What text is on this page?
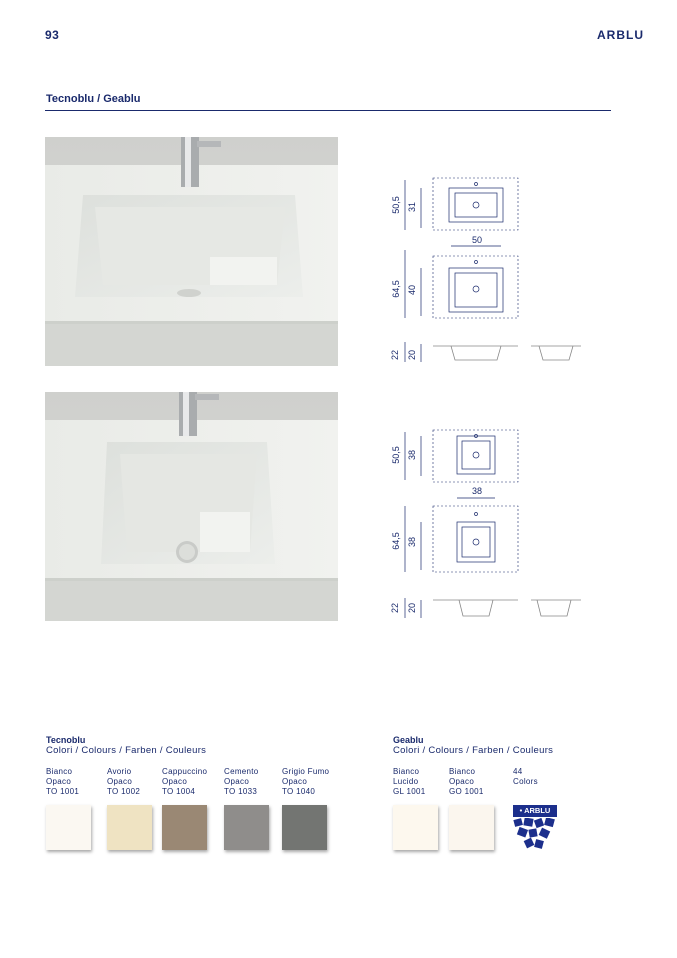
93	ARBLU
Tecnoblu / Geablu
50,5 31
50
64,5 40
22 20
50,5 38
38
64,5 38
22 20
Tecnoblu
Colori / Colours / Farben / Couleurs
Bianco
Opaco
TO 1001
Avorio
Opaco
TO 1002
Cappuccino
Opaco
TO 1004
Cemento
Opaco
TO 1033
Grigio Fumo
Opaco
TO 1040
Geablu
Colori / Colours / Farben / Couleurs
Bianco
Lucido
GL 1001
Bianco
Opaco
GO 1001
44
Colors
• ARBLU
